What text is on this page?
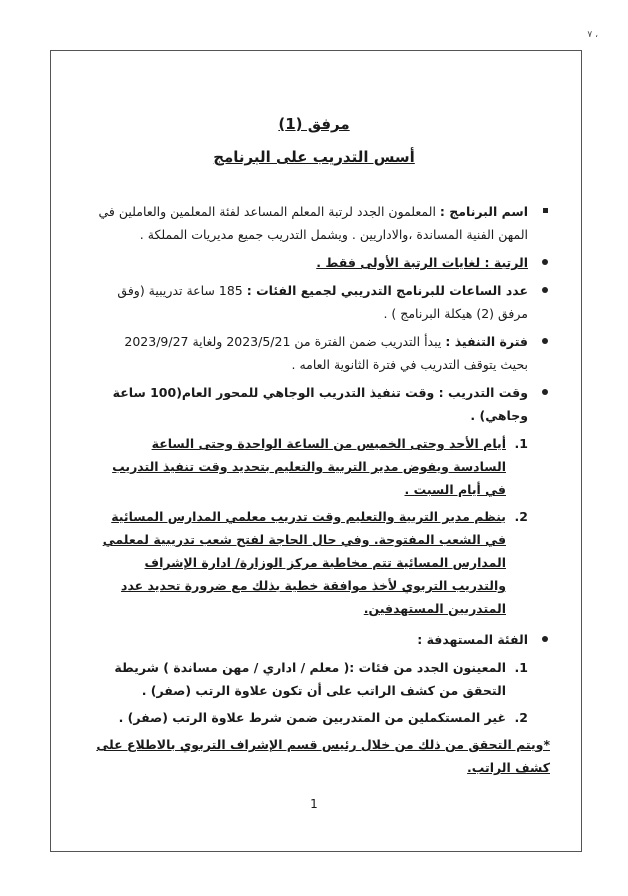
، ٧
مرفق (1)
أسس التدريب على البرنامج
اسم البرنامج : المعلمون الجدد لرتبة المعلم المساعد لفئة المعلمين والعاملين في المهن الفنية المساندة ،والاداريين . ويشمل التدريب جميع مديريات المملكة .
الرتبة : لغايات الرتبة الأولى فقط .
عدد الساعات للبرنامج التدريبي لجميع الفئات : 185 ساعة تدريبية (وفق مرفق (2) هيكلة البرنامج ) .
فترة التنفيذ : يبدأ التدريب ضمن الفترة من 2023/5/21 ولغاية 2023/9/27 بحيث يتوقف التدريب في فترة الثانوية العامه .
وقت التدريب : وقت تنفيذ التدريب الوجاهي للمحور العام(100 ساعة وجاهي) .
1.
أيام الأحد وحتى الخميس من الساعة الواحدة وحتى الساعة السادسة ويفوض مدير التربية والتعليم بتحديد وقت تنفيذ التدريب في أيام السبت .
2.
ينظم مدير التربية والتعليم وقت تدريب معلمي المدارس المسائية في الشعب المفتوحة. وفي حال الحاجة لفتح شعب تدريبية لمعلمي المدارس المسائية تتم مخاطبة مركز الوزارة/ ادارة الإشراف والتدريب التربوي لأخذ موافقة خطية بذلك مع ضرورة تحديد عدد المتدربين المستهدفين.
الفئة المستهدفة :
1.
المعينون الجدد من فئات :( معلم / اداري / مهن مساندة ) شريطة التحقق من كشف الراتب على أن تكون علاوة الرتب (صفر) .
2.
غير المستكملين من المتدربين ضمن شرط علاوة الرتب (صفر) .
*ويتم التحقق من ذلك من خلال رئيس قسم الإشراف التربوي بالاطلاع على كشف الراتب.
1
